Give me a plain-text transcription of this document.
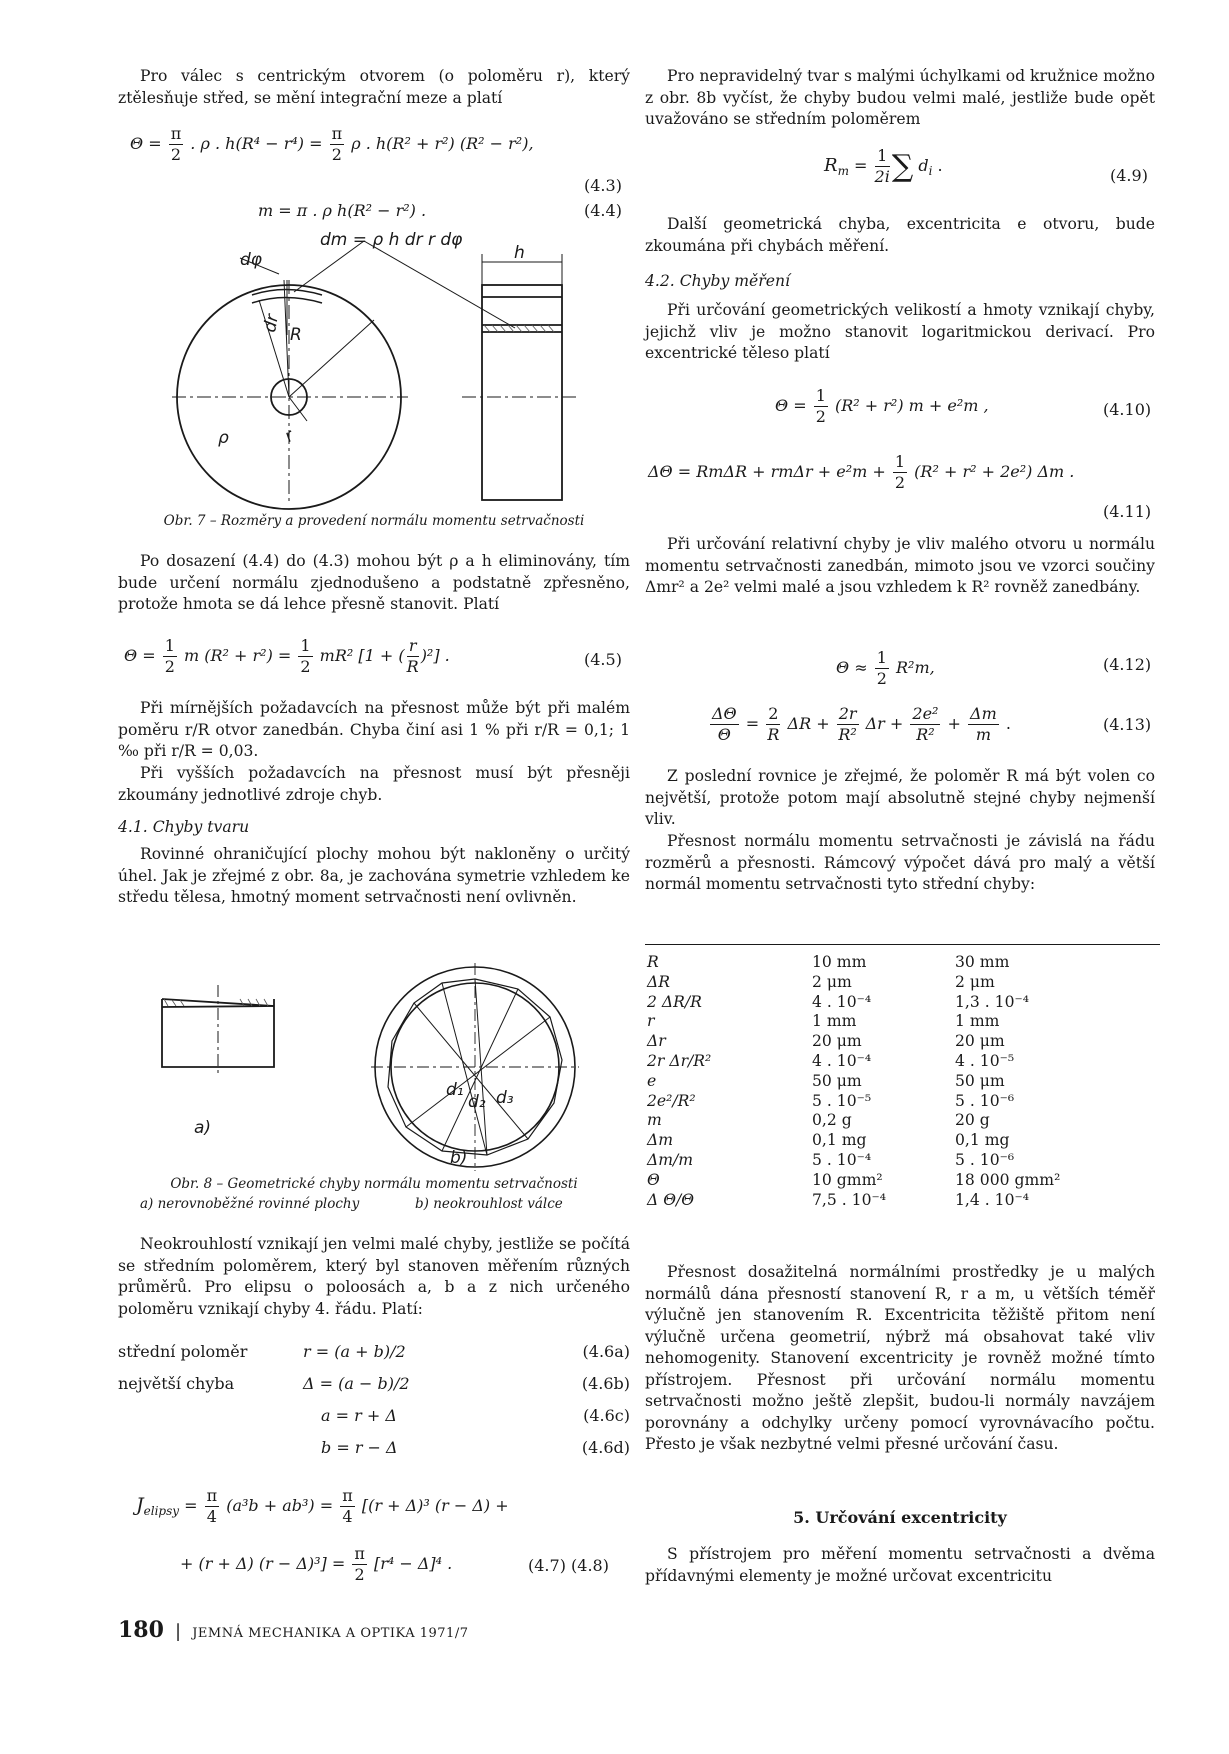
Pro válec s centrickým otvorem (o poloměru r), který ztělesňuje střed, se mění integrační meze a platí

$\Theta = \frac{\pi}{2}$ . ρ . $h(R^4 - r^4) = \frac{\pi}{2}$ ρ . h(R² + r²) (R² − r²),
(4.3)
m = π . ρ h(R² − r²) .	(4.4)
dm = ρ h dr r dφ
dφ	h
dr
R
r
ρ
Obr. 7 – Rozměry a provedení normálu momentu setrvačnosti

Po dosazení (4.4) do (4.3) mohou být ρ a h eliminovány, tím bude určení normálu zjednodušeno a podstatně zpřesněno, protože hmota se dá lehce přesně stanovit. Platí

$\Theta = \frac{1}{2}$ m $(R^2 + r^2) = \frac{1}{2} mR^2$ [1 + ( $\frac{r}{R} )^2$] .	(4.5)

Při mírnějších požadavcích na přesnost může být při malém poměru r/R otvor zanedbán. Chyba činí asi 1 % při r/R = 0,1; 1 ‰ při r/R = 0,03.

Při vyšších požadavcích na přesnost musí být přesněji zkoumány jednotlivé zdroje chyb.

4.1. Chyby tvaru

Rovinné ohraničující plochy mohou být nakloněny o určitý úhel. Jak je zřejmé z obr. 8a, je zachována symetrie vzhledem ke středu tělesa, hmotný moment setrvačnosti není ovlivněn.

a)
b)
d₁
d₂ d₃
Obr. 8 – Geometrické chyby normálu momentu setrvačnosti
a) nerovnoběžné rovinné plochy	b) neokrouhlost válce

Neokrouhlostí vznikají jen velmi malé chyby, jestliže se počítá se středním poloměrem, který byl stanoven měřením různých průměrů. Pro elipsu o poloosách a, b a z nich určeného poloměru vznikají chyby 4. řádu. Platí:

střední poloměr	r = (a + b)/2	(4.6a)
největší chyba	Δ = (a − b)/2	(4.6b)
a = r + Δ	(4.6c)
b = r − Δ	(4.6d)
$J_{elipsy} = \frac{\pi}{4} (a^3b + ab^3) = \frac{\pi}{4} [(r + \Delta)^3$ (r − Δ) +
+ (r + Δ) $(r - \Delta)^3] = \frac{\pi}{2} [r^4 - \Delta]^4$ .	(4.7) (4.8)
180 | JEMNÁ MECHANIKA A OPTIKA 1971/7

Pro nepravidelný tvar s malými úchylkami od kružnice možno z obr. 8b vyčíst, že chyby budou velmi malé, jestliže bude opět uvažováno se středním poloměrem

$R_m = \frac{1}{2i}$ ∑ $d_i$ .
(4.9)

Další geometrická chyba, excentricita e otvoru, bude zkoumána při chybách měření.

4.2. Chyby měření

Při určování geometrických velikostí a hmoty vznikají chyby, jejichž vliv je možno stanovit logaritmickou derivací. Pro excentrické těleso platí

$\Theta = \frac{1}{2} (R^2 + r^2) m + e^2m$ ,	(4.10)
$\Delta\Theta = Rm\Delta R + rm\Delta r + e^2m + \frac{1}{2} (R^2 + r^2 + 2e^2)$ Δm .
(4.11)

Při určování relativní chyby je vliv malého otvoru u normálu momentu setrvačnosti zanedbán, mimoto jsou ve vzorci součiny Δmr² a 2e² velmi malé a jsou vzhledem k R² rovněž zanedbány.

$\Theta \approx \frac{1}{2} R^2m$,	(4.12)
$\frac{\Delta\Theta}{\Theta} = \frac{2}{R}$ $\Delta R + \frac{2r}{\text{R²}}$ $\Delta r + \frac{\text{2e²}}{\text{R²}} + \frac{\Delta m}{m}$ .	(4.13)

Z poslední rovnice je zřejmé, že poloměr R má být volen co největší, protože potom mají absolutně stejné chyby nejmenší vliv.

Přesnost normálu momentu setrvačnosti je závislá na řádu rozměrů a přesnosti. Rámcový výpočet dává pro malý a větší normál momentu setrvačnosti tyto střední chyby:

R	10 mm	30 mm
ΔR	2 μm	2 μm
2 ΔR/R	4 . 10⁻⁴	1,3 . 10⁻⁴
r	1 mm	1 mm
Δr	20 μm	20 μm
2r Δr/R²	4 . 10⁻⁴	4 . 10⁻⁵
e	50 μm	50 μm
2e²/R²	5 . 10⁻⁵	5 . 10⁻⁶
m	0,2 g	20 g
Δm	0,1 mg	0,1 mg
Δm/m	5 . 10⁻⁴	5 . 10⁻⁶
Θ	10 gmm²	18 000 gmm²
Δ Θ/Θ	7,5 . 10⁻⁴	1,4 . 10⁻⁴

Přesnost dosažitelná normálními prostředky je u malých normálů dána přesností stanovení R, r a m, u větších téměř výlučně jen stanovením R. Excentricita těžiště přitom není výlučně určena geometrií, nýbrž má obsahovat také vliv nehomogenity. Stanovení excentricity je rovněž možné tímto přístrojem. Přesnost při určování normálu momentu setrvačnosti možno ještě zlepšit, budou-li normály navzájem porovnány a odchylky určeny pomocí vyrovnávacího počtu. Přesto je však nezbytné velmi přesné určování času.

5. Určování excentricity

S přístrojem pro měření momentu setrvačnosti a dvěma přídavnými elementy je možné určovat excentricitu
